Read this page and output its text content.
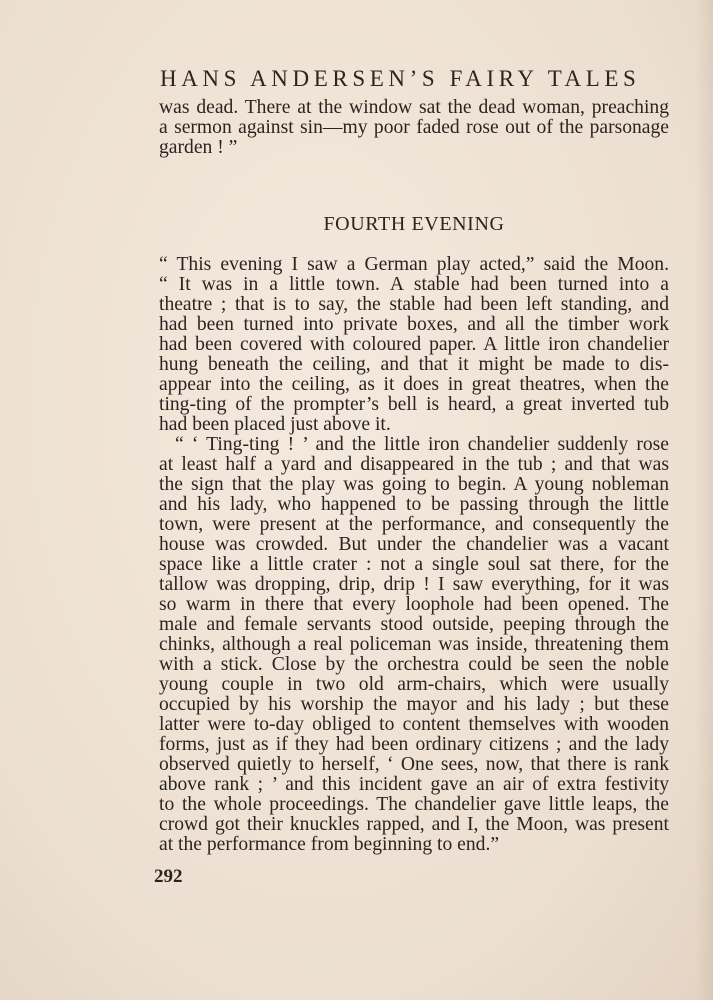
HANS ANDERSEN’S FAIRY TALES
was dead. There at the window sat the dead woman, preaching
a sermon against sin—my poor faded rose out of the parsonage
garden ! ”
FOURTH EVENING
“ This evening I saw a German play acted,” said the Moon.
“ It was in a little town. A stable had been turned into a
theatre ; that is to say, the stable had been left standing, and
had been turned into private boxes, and all the timber work
had been covered with coloured paper. A little iron chandelier
hung beneath the ceiling, and that it might be made to dis-
appear into the ceiling, as it does in great theatres, when the
ting-ting of the prompter’s bell is heard, a great inverted tub
had been placed just above it.
“ ‘ Ting-ting ! ’ and the little iron chandelier suddenly rose
at least half a yard and disappeared in the tub ; and that was
the sign that the play was going to begin. A young nobleman
and his lady, who happened to be passing through the little
town, were present at the performance, and consequently the
house was crowded. But under the chandelier was a vacant
space like a little crater : not a single soul sat there, for the
tallow was dropping, drip, drip ! I saw everything, for it was
so warm in there that every loophole had been opened. The
male and female servants stood outside, peeping through the
chinks, although a real policeman was inside, threatening them
with a stick. Close by the orchestra could be seen the noble
young couple in two old arm-chairs, which were usually
occupied by his worship the mayor and his lady ; but these
latter were to-day obliged to content themselves with wooden
forms, just as if they had been ordinary citizens ; and the lady
observed quietly to herself, ‘ One sees, now, that there is rank
above rank ; ’ and this incident gave an air of extra festivity
to the whole proceedings. The chandelier gave little leaps, the
crowd got their knuckles rapped, and I, the Moon, was present
at the performance from beginning to end.”
292
